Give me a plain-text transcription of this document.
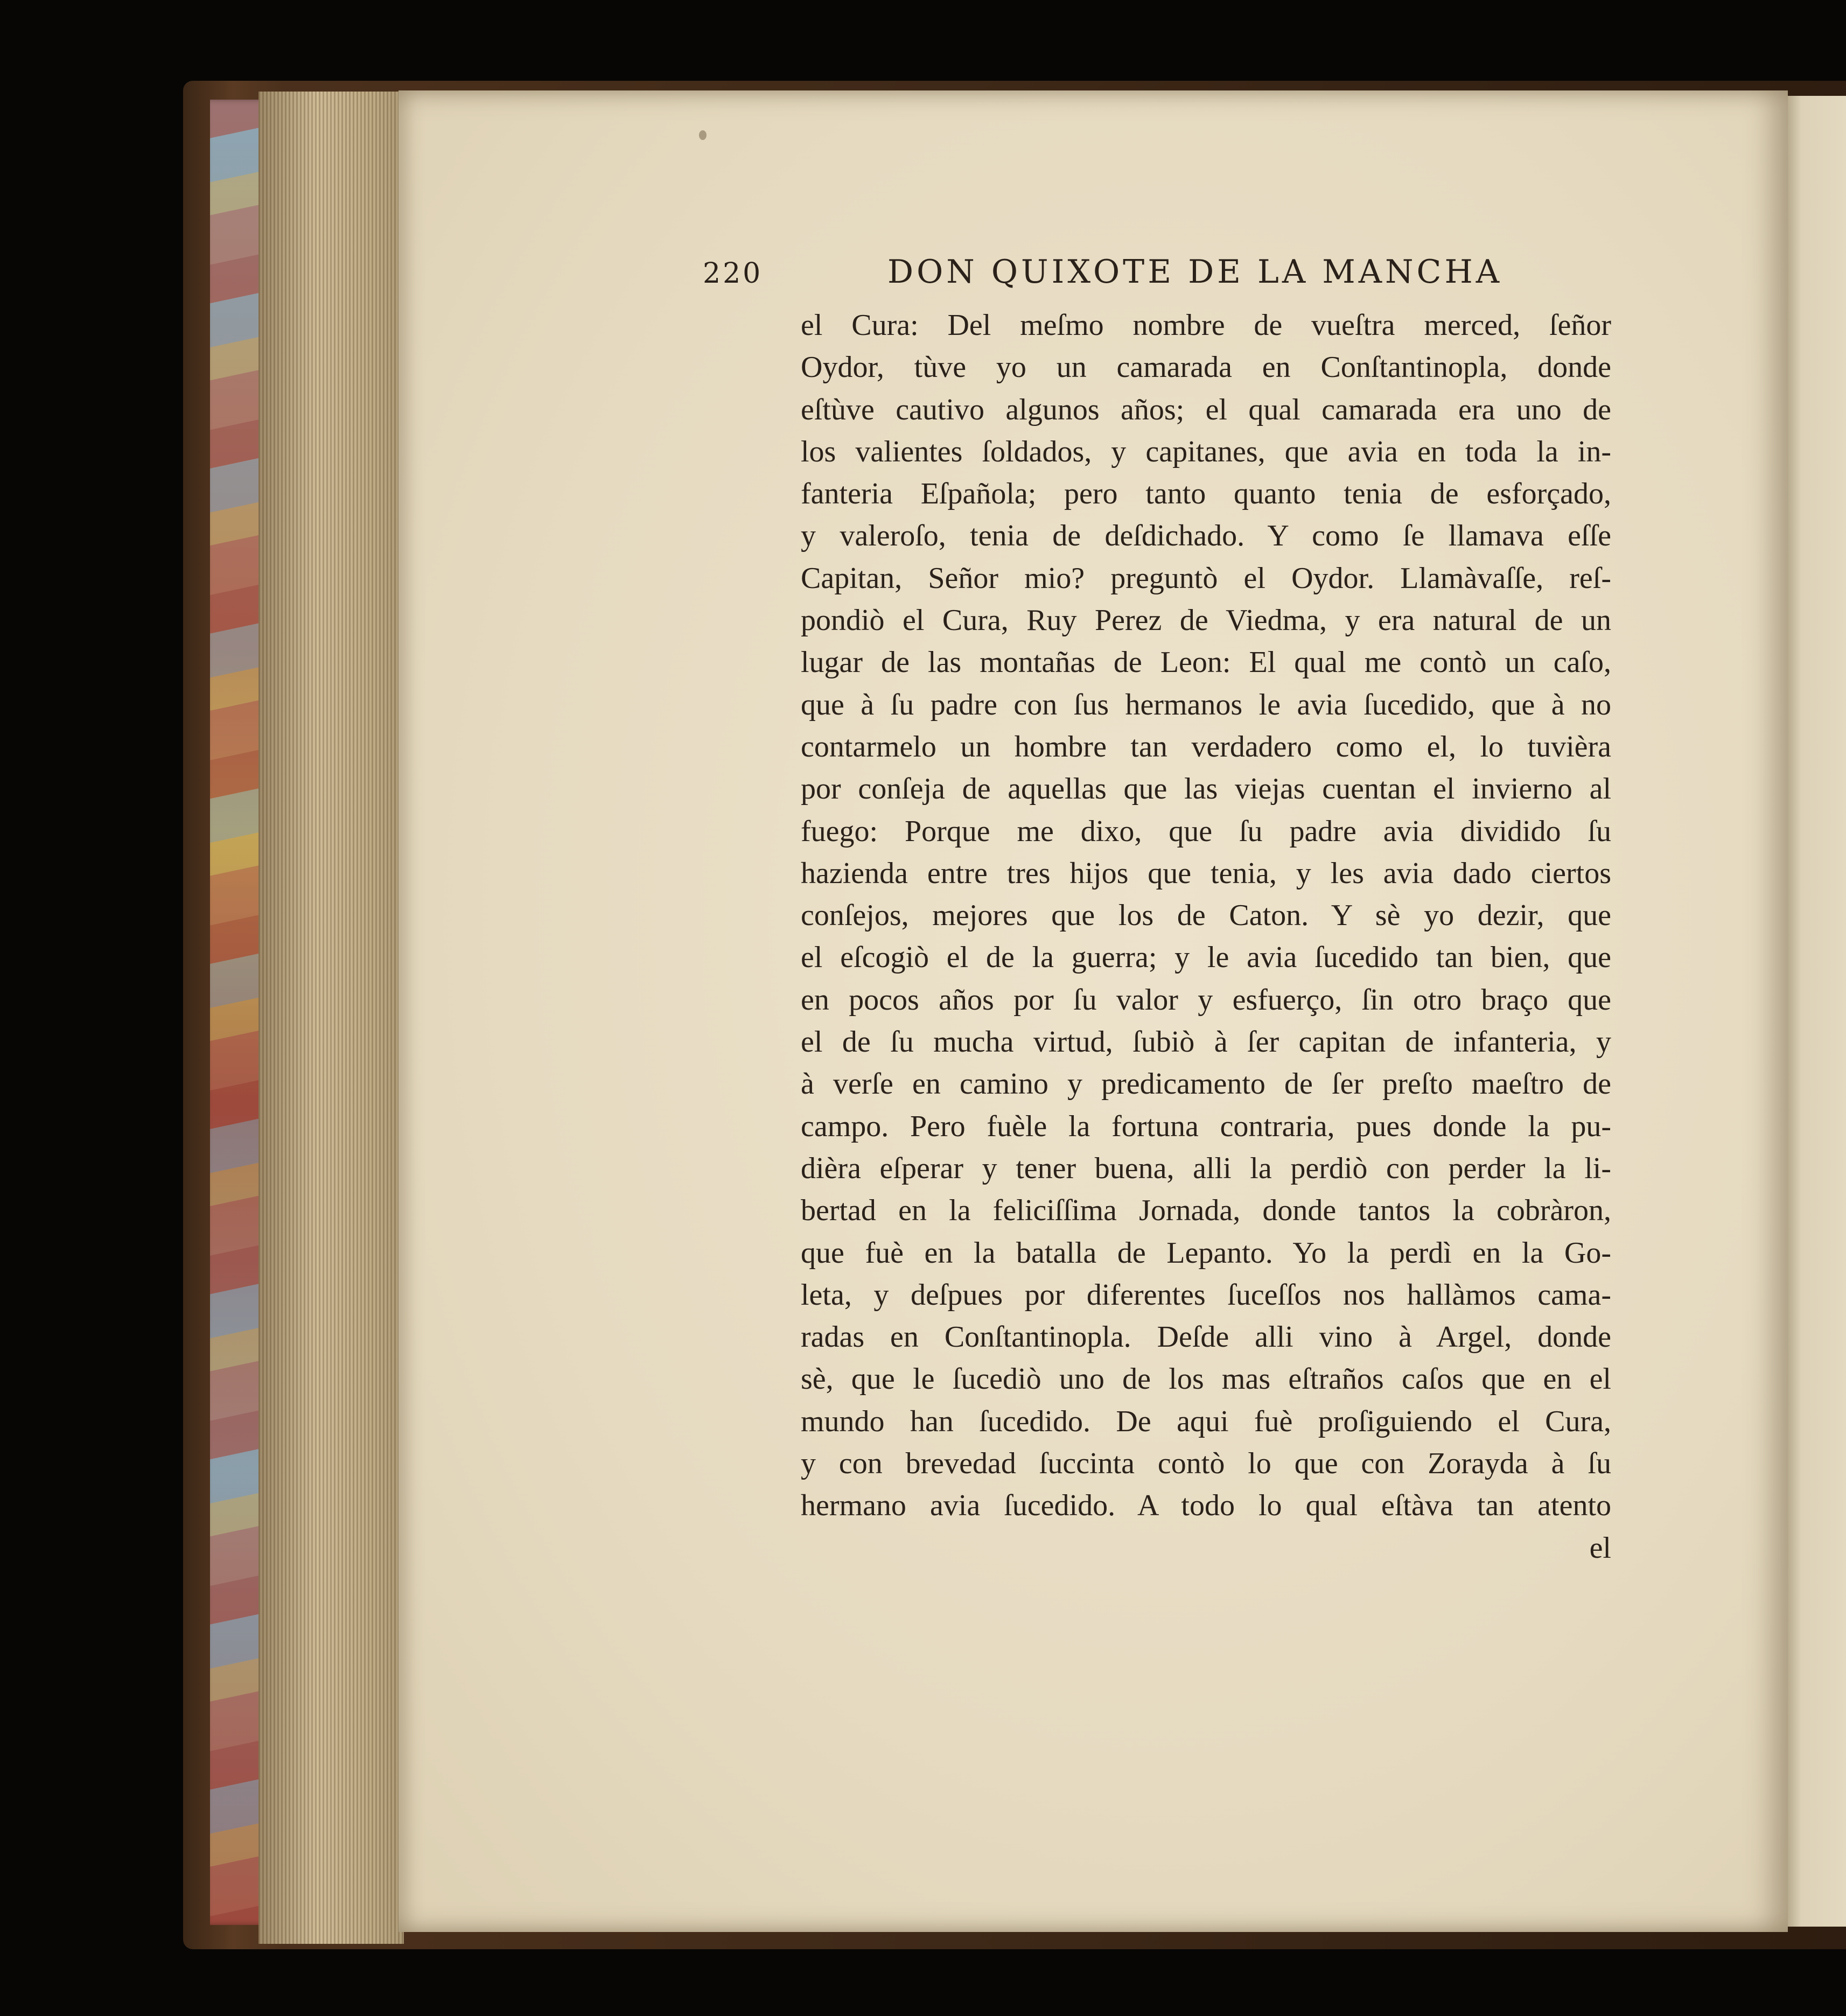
220	DON QUIXOTE DE LA MANCHA
el Cura: Del meſmo nombre de vueſtra merced, ſeñor
Oydor, tùve yo un camarada en Conſtantinopla, donde
eſtùve cautivo algunos años; el qual camarada era uno de
los valientes ſoldados, y capitanes, que avia en toda la in-
fanteria Eſpañola; pero tanto quanto tenia de esforçado,
y valeroſo, tenia de deſdichado. Y como ſe llamava eſſe
Capitan, Señor mio? preguntò el Oydor. Llamàvaſſe, reſ-
pondiò el Cura, Ruy Perez de Viedma, y era natural de un
lugar de las montañas de Leon: El qual me contò un caſo,
que à ſu padre con ſus hermanos le avia ſucedido, que à no
contarmelo un hombre tan verdadero como el, lo tuvièra
por conſeja de aquellas que las viejas cuentan el invierno al
fuego: Porque me dixo, que ſu padre avia dividido ſu
hazienda entre tres hijos que tenia, y les avia dado ciertos
conſejos, mejores que los de Caton. Y sè yo dezir, que
el eſcogiò el de la guerra; y le avia ſucedido tan bien, que
en pocos años por ſu valor y esfuerço, ſin otro braço que
el de ſu mucha virtud, ſubiò à ſer capitan de infanteria, y
à verſe en camino y predicamento de ſer preſto maeſtro de
campo. Pero fuèle la fortuna contraria, pues donde la pu-
dièra eſperar y tener buena, alli la perdiò con perder la li-
bertad en la feliciſſima Jornada, donde tantos la cobràron,
que fuè en la batalla de Lepanto. Yo la perdì en la Go-
leta, y deſpues por diferentes ſuceſſos nos hallàmos cama-
radas en Conſtantinopla. Deſde alli vino à Argel, donde
sè, que le ſucediò uno de los mas eſtraños caſos que en el
mundo han ſucedido. De aqui fuè proſiguiendo el Cura,
y con brevedad ſuccinta contò lo que con Zorayda à ſu
hermano avia ſucedido. A todo lo qual eſtàva tan atento
el
